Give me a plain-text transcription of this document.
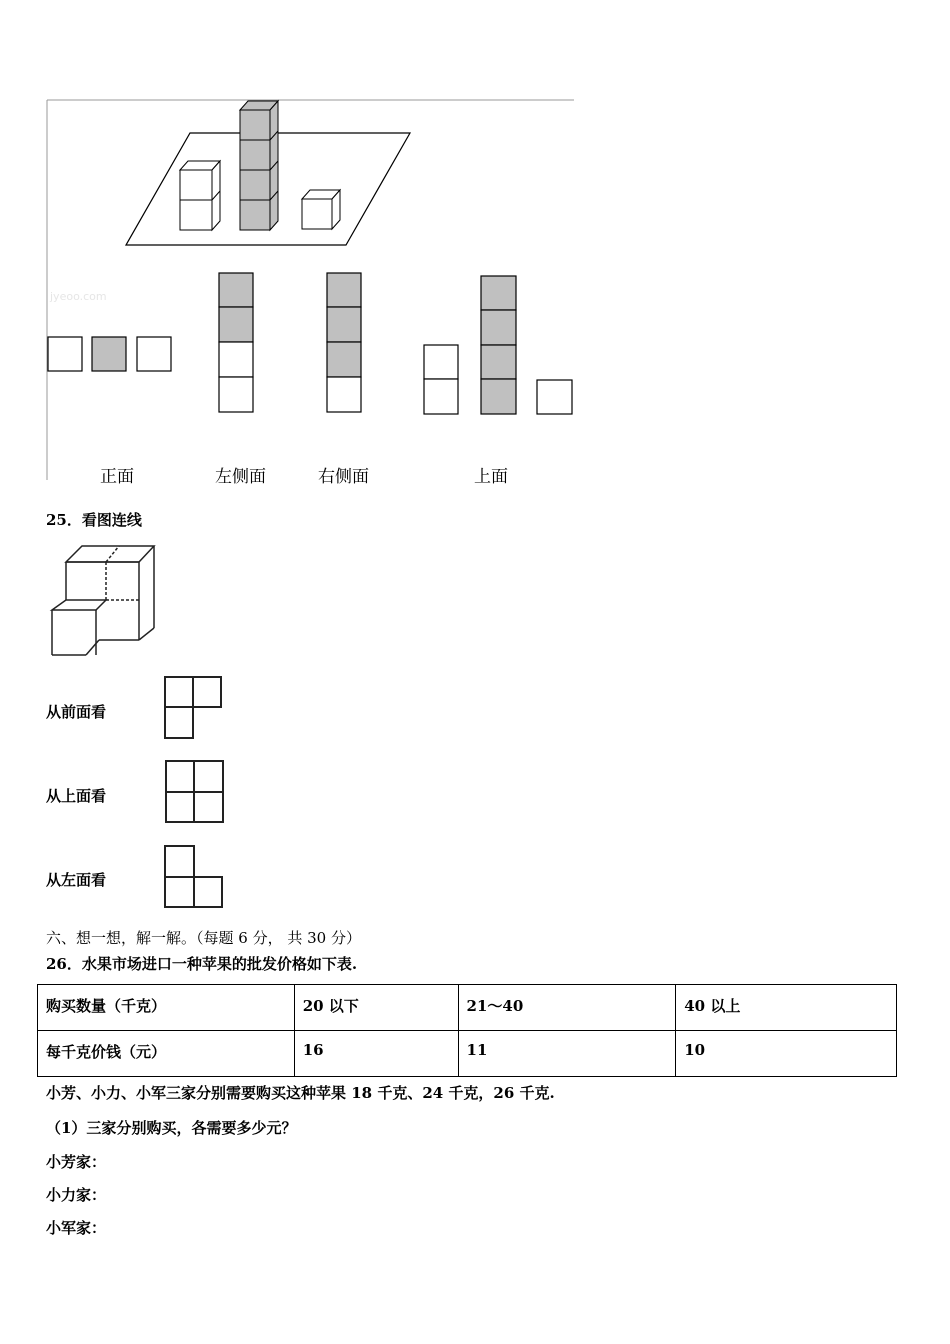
jyeoo.com
正面	左侧面	右侧面	上面
25．看图连线
从前面看
从上面看
从左面看
六、想一想，解一解。（每题 6 分， 共 30 分）
26．水果市场进口一种苹果的批发价格如下表.
购买数量（千克）	20 以下	21～40	40 以上
每千克价钱（元）	16	11	10
小芳、小力、小军三家分别需要购买这种苹果 18 千克、24 千克，26 千克.
（1）三家分别购买，各需要多少元？
小芳家：
小力家：
小军家：
